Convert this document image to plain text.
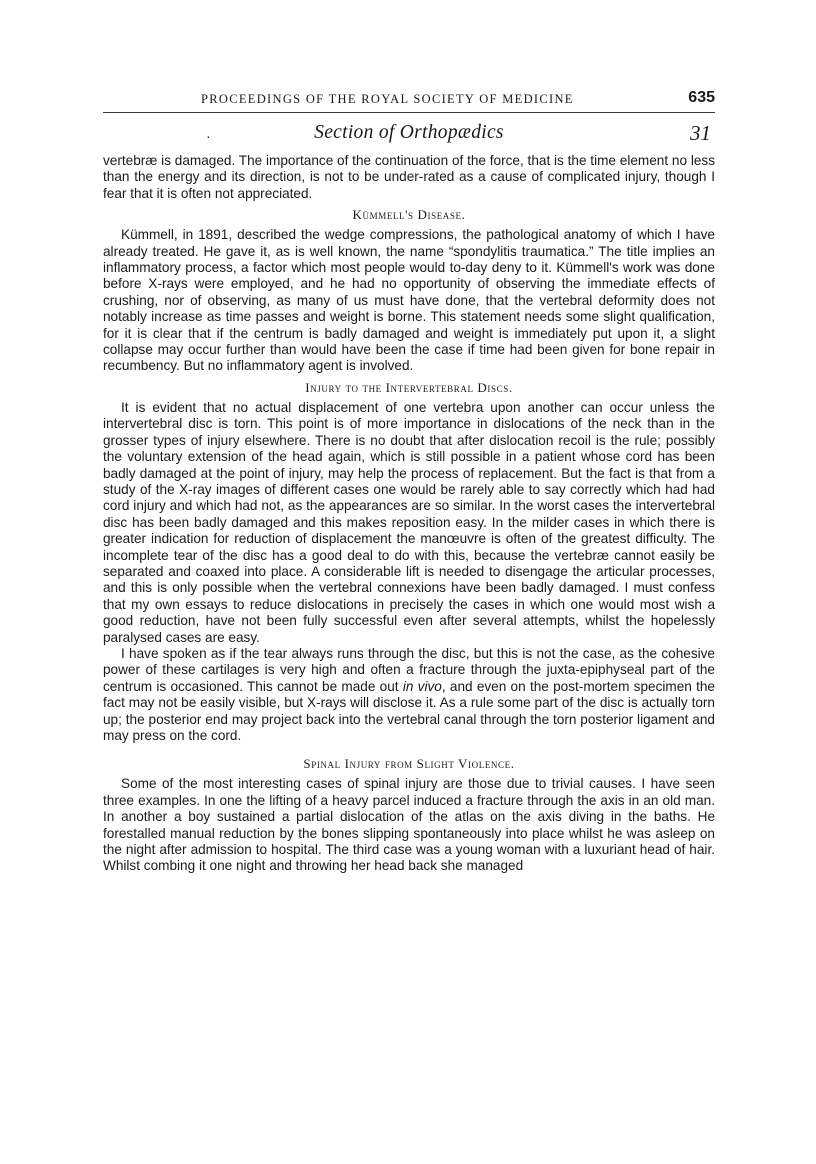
PROCEEDINGS OF THE ROYAL SOCIETY OF MEDICINE	635
·	Section of Orthopædics	31

vertebræ is damaged. The importance of the continuation of the force, that is the time element no less than the energy and its direction, is not to be under-rated as a cause of complicated injury, though I fear that it is often not appreciated.

Kümmell's Disease.

Kümmell, in 1891, described the wedge compressions, the pathological anatomy of which I have already treated. He gave it, as is well known, the name “spondylitis traumatica.” The title implies an inflammatory process, a factor which most people would to-day deny to it. Kümmell's work was done before X-rays were employed, and he had no opportunity of observing the immediate effects of crushing, nor of observing, as many of us must have done, that the vertebral deformity does not notably increase as time passes and weight is borne. This statement needs some slight qualification, for it is clear that if the centrum is badly damaged and weight is immediately put upon it, a slight collapse may occur further than would have been the case if time had been given for bone repair in recumbency. But no inflammatory agent is involved.

Injury to the Intervertebral Discs.

It is evident that no actual displacement of one vertebra upon another can occur unless the intervertebral disc is torn. This point is of more importance in dislocations of the neck than in the grosser types of injury elsewhere. There is no doubt that after dislocation recoil is the rule; possibly the voluntary extension of the head again, which is still possible in a patient whose cord has been badly damaged at the point of injury, may help the process of replacement. But the fact is that from a study of the X-ray images of different cases one would be rarely able to say correctly which had had cord injury and which had not, as the appearances are so similar. In the worst cases the intervertebral disc has been badly damaged and this makes reposition easy. In the milder cases in which there is greater indication for reduction of displacement the manœuvre is often of the greatest difficulty. The incomplete tear of the disc has a good deal to do with this, because the vertebræ cannot easily be separated and coaxed into place. A considerable lift is needed to disengage the articular processes, and this is only possible when the vertebral connexions have been badly damaged. I must confess that my own essays to reduce dislocations in precisely the cases in which one would most wish a good reduction, have not been fully successful even after several attempts, whilst the hopelessly paralysed cases are easy.

I have spoken as if the tear always runs through the disc, but this is not the case, as the cohesive power of these cartilages is very high and often a fracture through the juxta-epiphyseal part of the centrum is occasioned. This cannot be made out in vivo, and even on the post-mortem specimen the fact may not be easily visible, but X-rays will disclose it. As a rule some part of the disc is actually torn up; the posterior end may project back into the vertebral canal through the torn posterior ligament and may press on the cord.

Spinal Injury from Slight Violence.

Some of the most interesting cases of spinal injury are those due to trivial causes. I have seen three examples. In one the lifting of a heavy parcel induced a fracture through the axis in an old man. In another a boy sustained a partial dislocation of the atlas on the axis diving in the baths. He forestalled manual reduction by the bones slipping spontaneously into place whilst he was asleep on the night after admission to hospital. The third case was a young woman with a luxuriant head of hair. Whilst combing it one night and throwing her head back she managed
